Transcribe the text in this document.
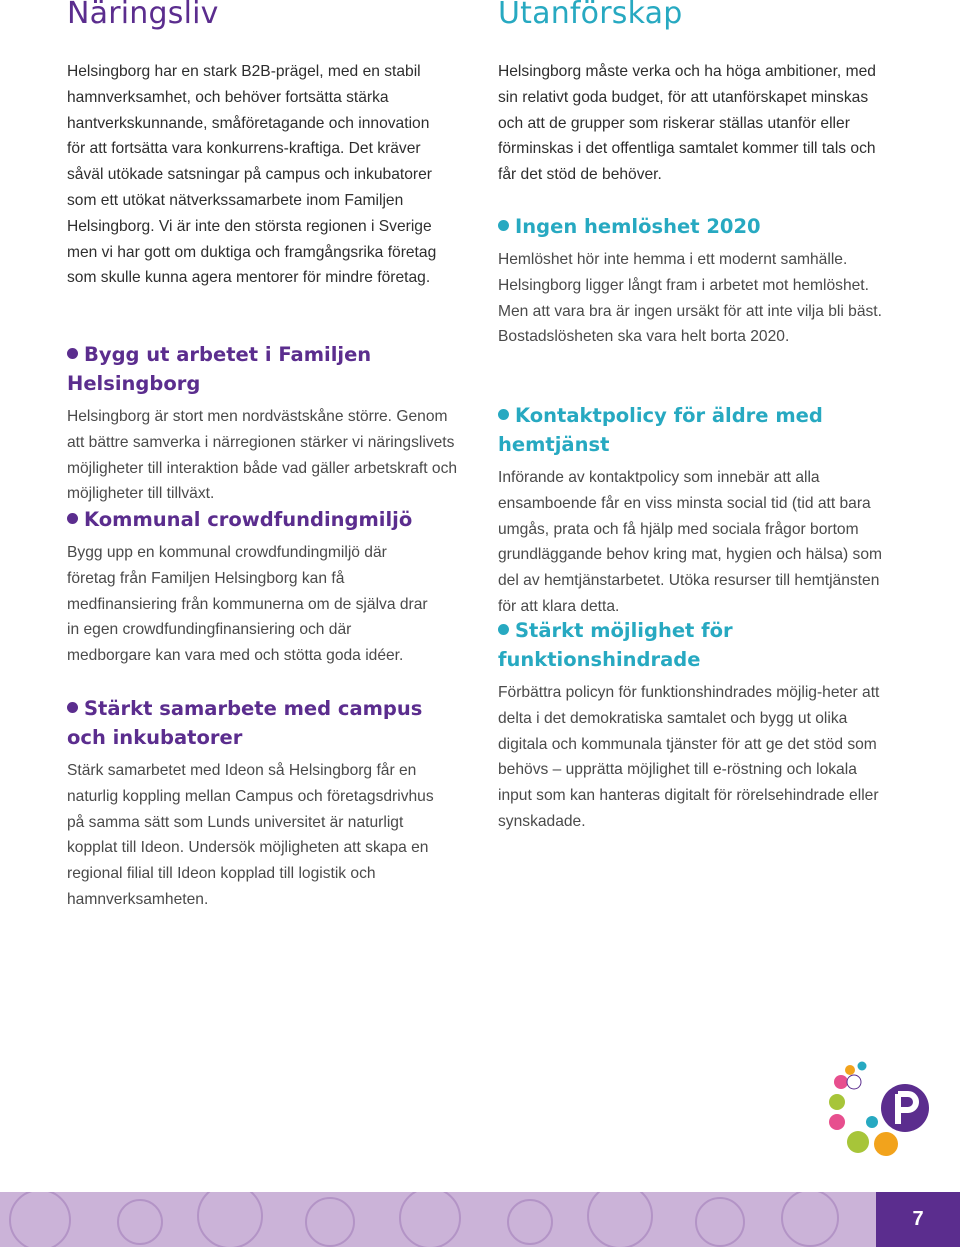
Näringsliv

Helsingborg har en stark B2B-prägel, med en stabil hamnverksamhet, och behöver fortsätta stärka hantverkskunnande, småföretagande och innovation för att fortsätta vara konkurrens-kraftiga. Det kräver såväl utökade satsningar på campus och inkubatorer som ett utökat nätverkssamarbete inom Familjen Helsingborg. Vi är inte den största regionen i Sverige men vi har gott om duktiga och framgångsrika företag som skulle kunna agera mentorer för mindre företag.

Bygg ut arbetet i Familjen Helsingborg

Helsingborg är stort men nordvästskåne större. Genom att bättre samverka i närregionen stärker vi näringslivets möjligheter till interaktion både vad gäller arbetskraft och möjligheter till tillväxt.

Kommunal crowdfundingmiljö

Bygg upp en kommunal crowdfundingmiljö där företag från Familjen Helsingborg kan få medfinansiering från kommunerna om de själva drar in egen crowdfundingfinansiering och där medborgare kan vara med och stötta goda idéer.

Stärkt samarbete med campus och inkubatorer

Stärk samarbetet med Ideon så Helsingborg får en naturlig koppling mellan Campus och företagsdrivhus på samma sätt som Lunds universitet är naturligt kopplat till Ideon. Undersök möjligheten att skapa en regional filial till Ideon kopplad till logistik och hamnverksamheten.

Utanförskap

Helsingborg måste verka och ha höga ambitioner, med sin relativt goda budget, för att utanförskapet minskas och att de grupper som riskerar ställas utanför eller förminskas i det offentliga samtalet kommer till tals och får det stöd de behöver.

Ingen hemlöshet 2020

Hemlöshet hör inte hemma i ett modernt samhälle. Helsingborg ligger långt fram i arbetet mot hemlöshet. Men att vara bra är ingen ursäkt för att inte vilja bli bäst. Bostadslösheten ska vara helt borta 2020.

Kontaktpolicy för äldre med hemtjänst

Införande av kontaktpolicy som innebär att alla ensamboende får en viss minsta social tid (tid att bara umgås, prata och få hjälp med sociala frågor bortom grundläggande behov kring mat, hygien och hälsa) som del av hemtjänstarbetet. Utöka resurser till hemtjänsten för att klara detta.

Stärkt möjlighet för funktionshindrade

Förbättra policyn för funktionshindrades möjlig-heter att delta i det demokratiska samtalet och bygg ut olika digitala och kommunala tjänster för att ge det stöd som behövs – upprätta möjlighet till e-röstning och lokala input som kan hanteras digitalt för rörelsehindrade eller synskadade.

7
